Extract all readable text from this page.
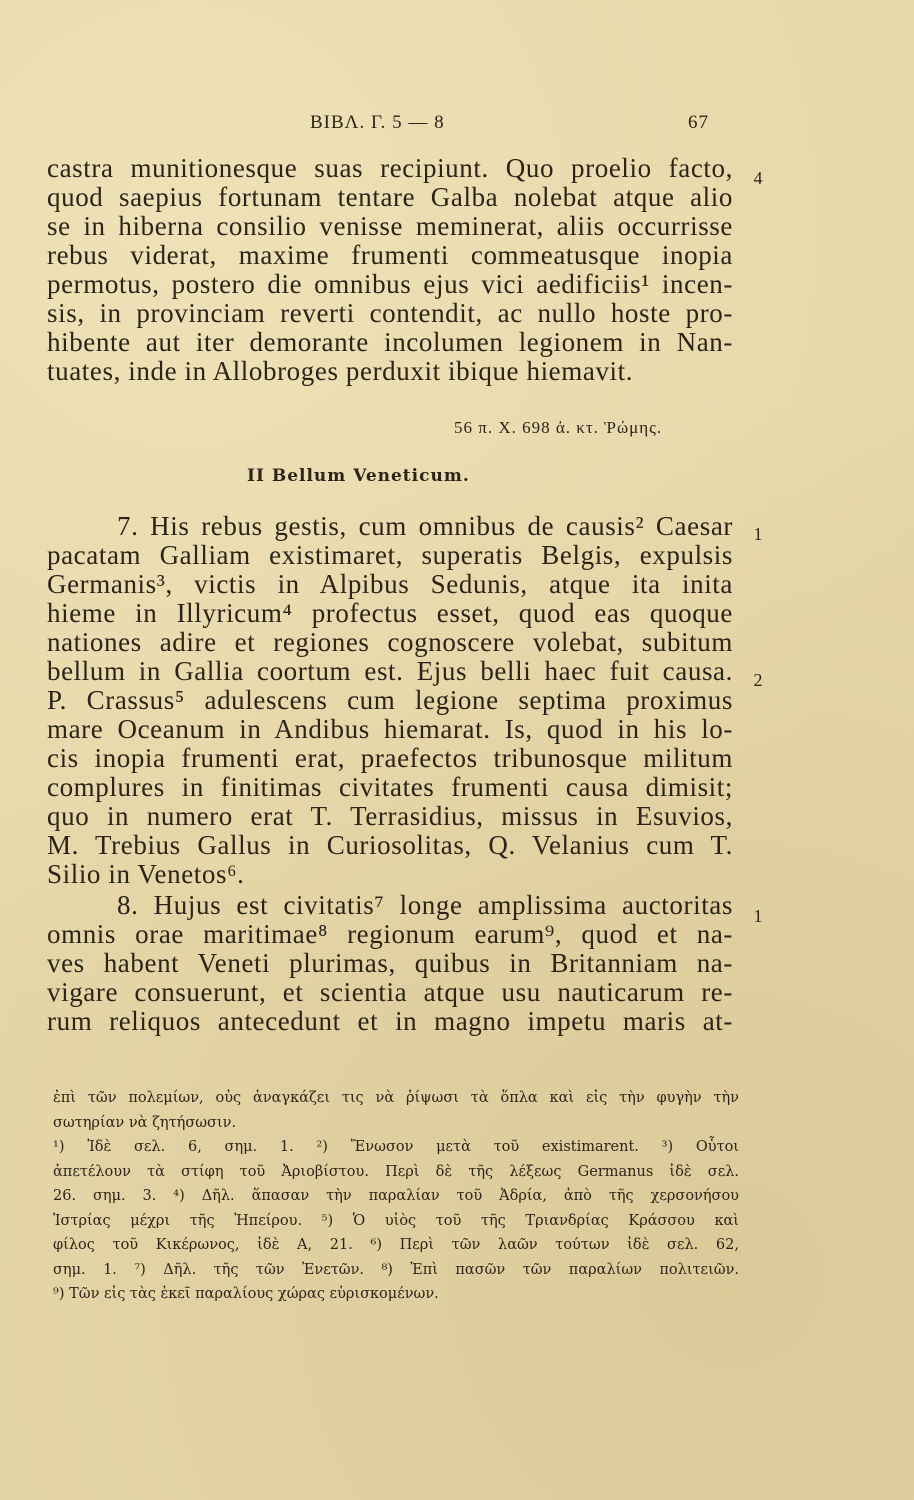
BIBΛ. Γ. 5 — 8	67
castra munitionesque suas recipiunt. Quo proelio facto,
quod saepius fortunam tentare Galba nolebat atque alio
se in hiberna consilio venisse meminerat, aliis occurrisse
rebus viderat, maxime frumenti commeatusque inopia
permotus, postero die omnibus ejus vici aedificiis¹ incen-
sis, in provinciam reverti contendit, ac nullo hoste pro-
hibente aut iter demorante incolumen legionem in Nan-
tuates, inde in Allobroges perduxit ibique hiemavit.
4
56 π. X. 698 ἀ. κτ. Ῥώμης.
II Bellum Veneticum.
7. His rebus gestis, cum omnibus de causis² Caesar
pacatam Galliam existimaret, superatis Belgis, expulsis
Germanis³, victis in Alpibus Sedunis, atque ita inita
hieme in Illyricum⁴ profectus esset, quod eas quoque
nationes adire et regiones cognoscere volebat, subitum
bellum in Gallia coortum est. Ejus belli haec fuit causa.
P. Crassus⁵ adulescens cum legione septima proximus
mare Oceanum in Andibus hiemarat. Is, quod in his lo-
cis inopia frumenti erat, praefectos tribunosque militum
complures in finitimas civitates frumenti causa dimisit;
quo in numero erat T. Terrasidius, missus in Esuvios,
M. Trebius Gallus in Curiosolitas, Q. Velanius cum T.
Silio in Venetos⁶.
1
2
8. Hujus est civitatis⁷ longe amplissima auctoritas
omnis orae maritimae⁸ regionum earum⁹, quod et na-
ves habent Veneti plurimas, quibus in Britanniam na-
vigare consuerunt, et scientia atque usu nauticarum re-
rum reliquos antecedunt et in magno impetu maris at-
1
ἐπὶ τῶν πολεμίων, οὐς ἀναγκάζει τις νὰ ῥίψωσι τὰ ὅπλα καὶ εἰς τὴν φυγὴν τὴν
σωτηρίαν νὰ ζητήσωσιν.
¹) Ἰδὲ σελ. 6, σημ. 1. ²) Ἔνωσον μετὰ τοῦ existimarent. ³) Οὗτοι
ἀπετέλουν τὰ στίφη τοῦ Ἀριοβίστου. Περὶ δὲ τῆς λέξεως Germanus ἰδὲ σελ.
26. σημ. 3. ⁴) Δῆλ. ἅπασαν τὴν παραλίαν τοῦ Ἀδρία, ἀπὸ τῆς χερσονήσου
Ἰστρίας μέχρι τῆς Ἠπείρου. ⁵) Ὁ υἱὸς τοῦ τῆς Τριανδρίας Κράσσου καὶ
φίλος τοῦ Κικέρωνος, ἰδὲ A, 21. ⁶) Περὶ τῶν λαῶν τούτων ἰδὲ σελ. 62,
σημ. 1. ⁷) Δῆλ. τῆς τῶν Ἐνετῶν. ⁸) Ἐπὶ πασῶν τῶν παραλίων πολιτειῶν.
⁹) Τῶν εἰς τὰς ἐκεῖ παραλίους χώρας εὑρισκομένων.
